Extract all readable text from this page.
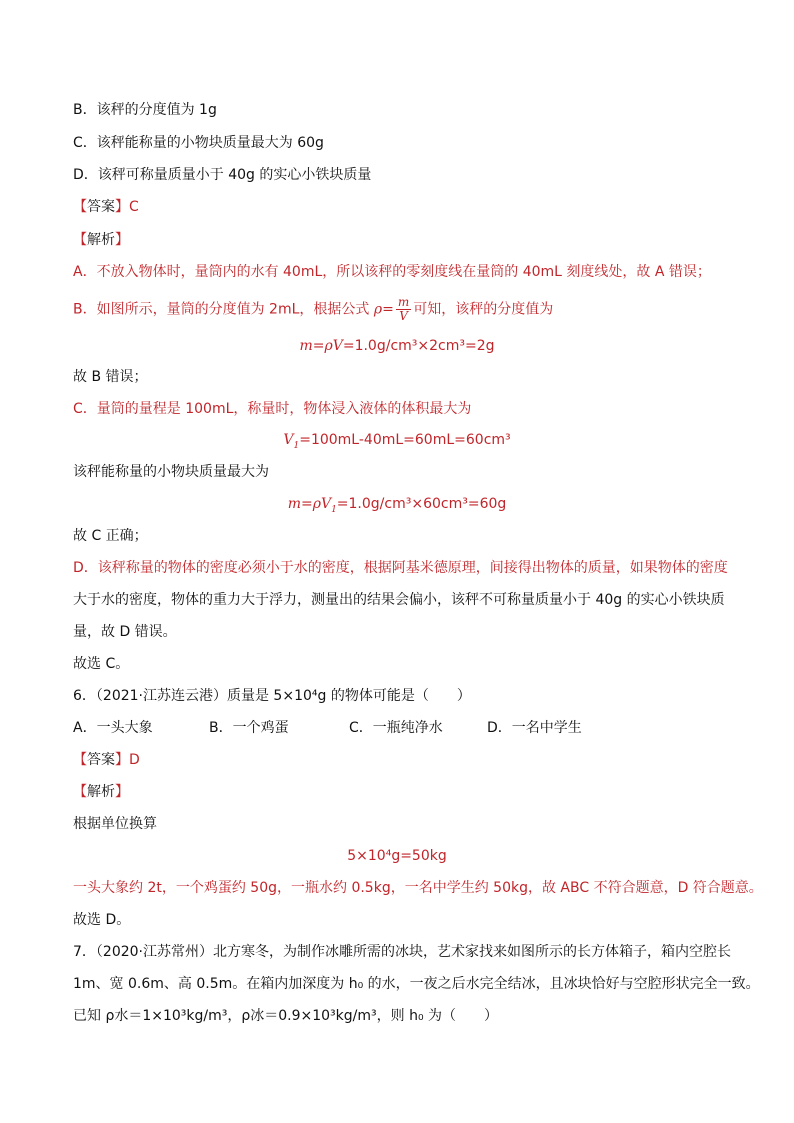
B．该秤的分度值为 1g
C．该秤能称量的小物块质量最大为 60g
D．该秤可称量质量小于 40g 的实心小铁块质量
【答案】C
【解析】
A．不放入物体时，量筒内的水有 40mL，所以该秤的零刻度线在量筒的 40mL 刻度线处，故 A 错误；
B．如图所示，量筒的分度值为 2mL，根据公式 $\rho= \frac{m}{V}$ 可知，该秤的分度值为
m=ρV=1.0g/cm³×2cm³=2g
故 B 错误；
C．量筒的量程是 100mL，称量时，物体浸入液体的体积最大为
$V_1=100mL-40mL=60mL=60cm^3$
该秤能称量的小物块质量最大为
$m=\rho V_1=1.0g/cm^3\times 60cm^3=60g$
故 C 正确；
D．该秤称量的物体的密度必须小于水的密度，根据阿基米德原理，间接得出物体的质量，如果物体的密度
大于水的密度，物体的重力大于浮力，测量出的结果会偏小，该秤不可称量质量小于 40g 的实心小铁块质
量，故 D 错误。
故选 C。
6．（2021·江苏连云港）质量是 5×10⁴g 的物体可能是（　　）
A．一头大象	B．一个鸡蛋	C．一瓶纯净水	D．一名中学生
【答案】D
【解析】
根据单位换算
5×10⁴g=50kg
一头大象约 2t，一个鸡蛋约 50g，一瓶水约 0.5kg，一名中学生约 50kg，故 ABC 不符合题意，D 符合题意。
故选 D。
7．（2020·江苏常州）北方寒冬，为制作冰雕所需的冰块，艺术家找来如图所示的长方体箱子，箱内空腔长
1m、宽 0.6m、高 0.5m。在箱内加深度为 h₀ 的水，一夜之后水完全结冰，且冰块恰好与空腔形状完全一致。
已知 ρ水＝1×10³kg/m³，ρ冰＝0.9×10³kg/m³，则 h₀ 为（　　）
